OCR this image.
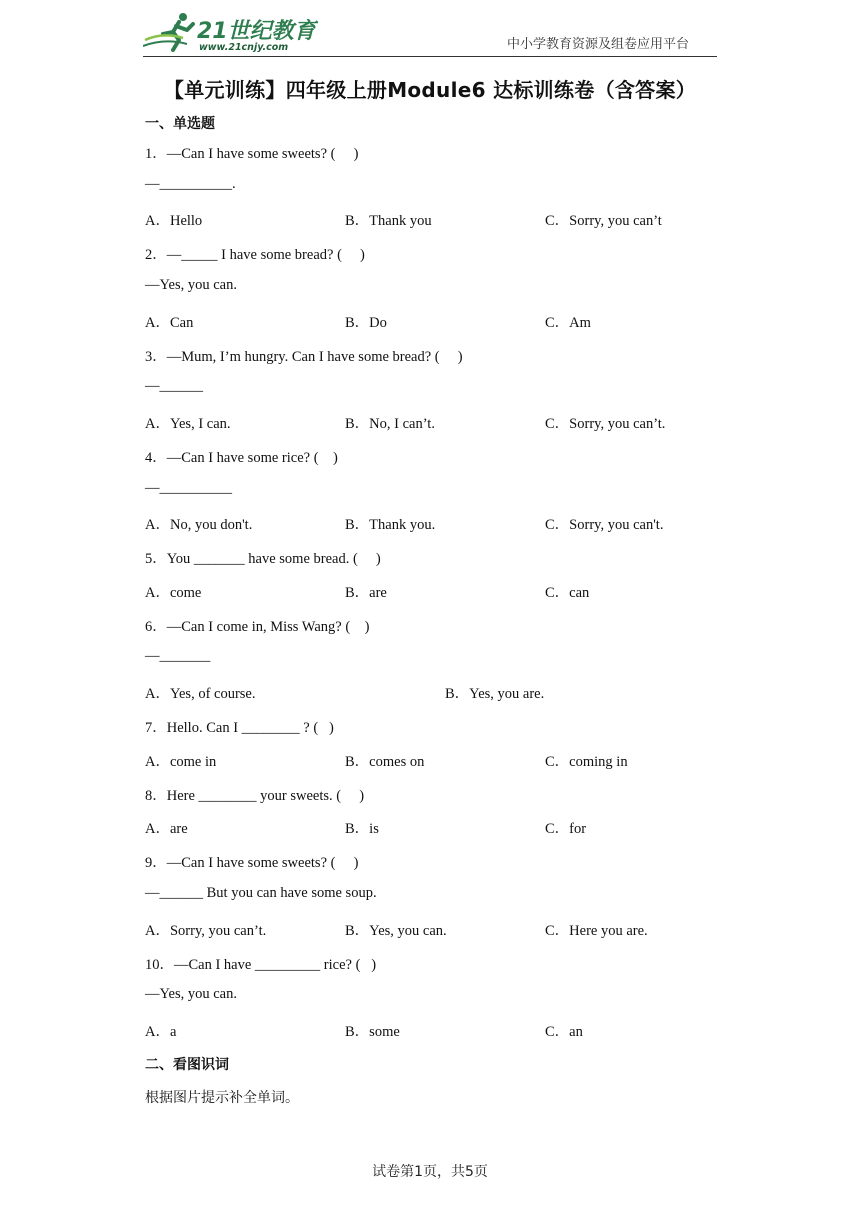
21世纪教育
www.21cnjy.com	中小学教育资源及组卷应用平台
【单元训练】四年级上册Module6 达标训练卷（含答案）
一、单选题
1．—Can I have some sweets? (     )
—__________.
A．Hello	B．Thank you	C．Sorry, you can’t
2．—_____ I have some bread? (     )
—Yes, you can.
A．Can	B．Do	C．Am
3．—Mum, I’m hungry. Can I have some bread? (     )
—______
A．Yes, I can.	B．No, I can’t.	C．Sorry, you can’t.
4．—Can I have some rice? (    )
—__________
A．No, you don't.	B．Thank you.	C．Sorry, you can't.
5．You _______ have some bread. (     )
A．come	B．are	C．can
6．—Can I come in, Miss Wang? (    )
—_______
A．Yes, of course.	B．Yes, you are.
7．Hello. Can I ________ ? (   )
A．come in	B．comes on	C．coming in
8．Here ________ your sweets. (     )
A．are	B．is	C．for
9．—Can I have some sweets? (     )
—______ But you can have some soup.
A．Sorry, you can’t.	B．Yes, you can.	C．Here you are.
10．—Can I have _________ rice? (   )
—Yes, you can.
A．a	B．some	C．an
二、看图识词
根据图片提示补全单词。
试卷第1页，共5页
